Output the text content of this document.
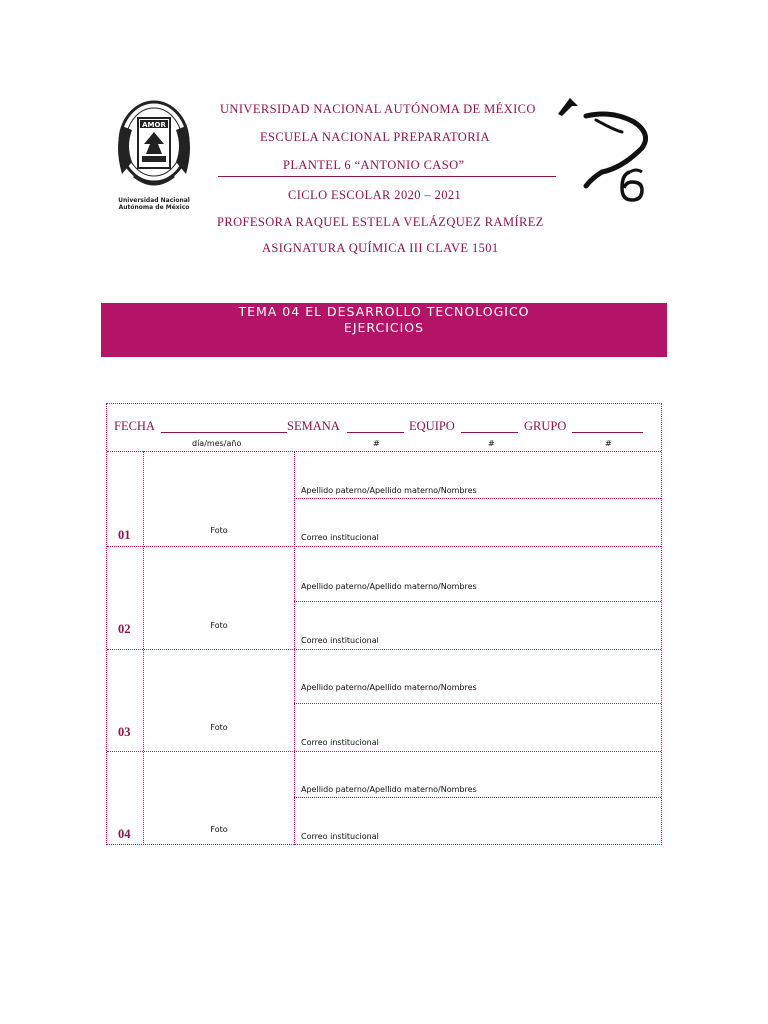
AMOR
Universidad Nacional
Autónoma de México
UNIVERSIDAD NACIONAL AUTÓNOMA DE MÉXICO
ESCUELA NACIONAL PREPARATORIA
PLANTEL 6 “ANTONIO CASO”
CICLO ESCOLAR 2020 – 2021
PROFESORA RAQUEL ESTELA VELÁZQUEZ RAMÍREZ
ASIGNATURA QUÍMICA III CLAVE 1501
TEMA 04 EL DESARROLLO TECNOLOGICO
EJERCICIOS
FECHA	SEMANA	EQUIPO	GRUPO
día/mes/año	#	#	#
01	Foto
Apellido paterno/Apellido materno/Nombres
Correo institucional
02	Foto
Apellido paterno/Apellido materno/Nombres
Correo institucional
03	Foto
Apellido paterno/Apellido materno/Nombres
Correo institucional
04	Foto
Apellido paterno/Apellido materno/Nombres
Correo institucional
